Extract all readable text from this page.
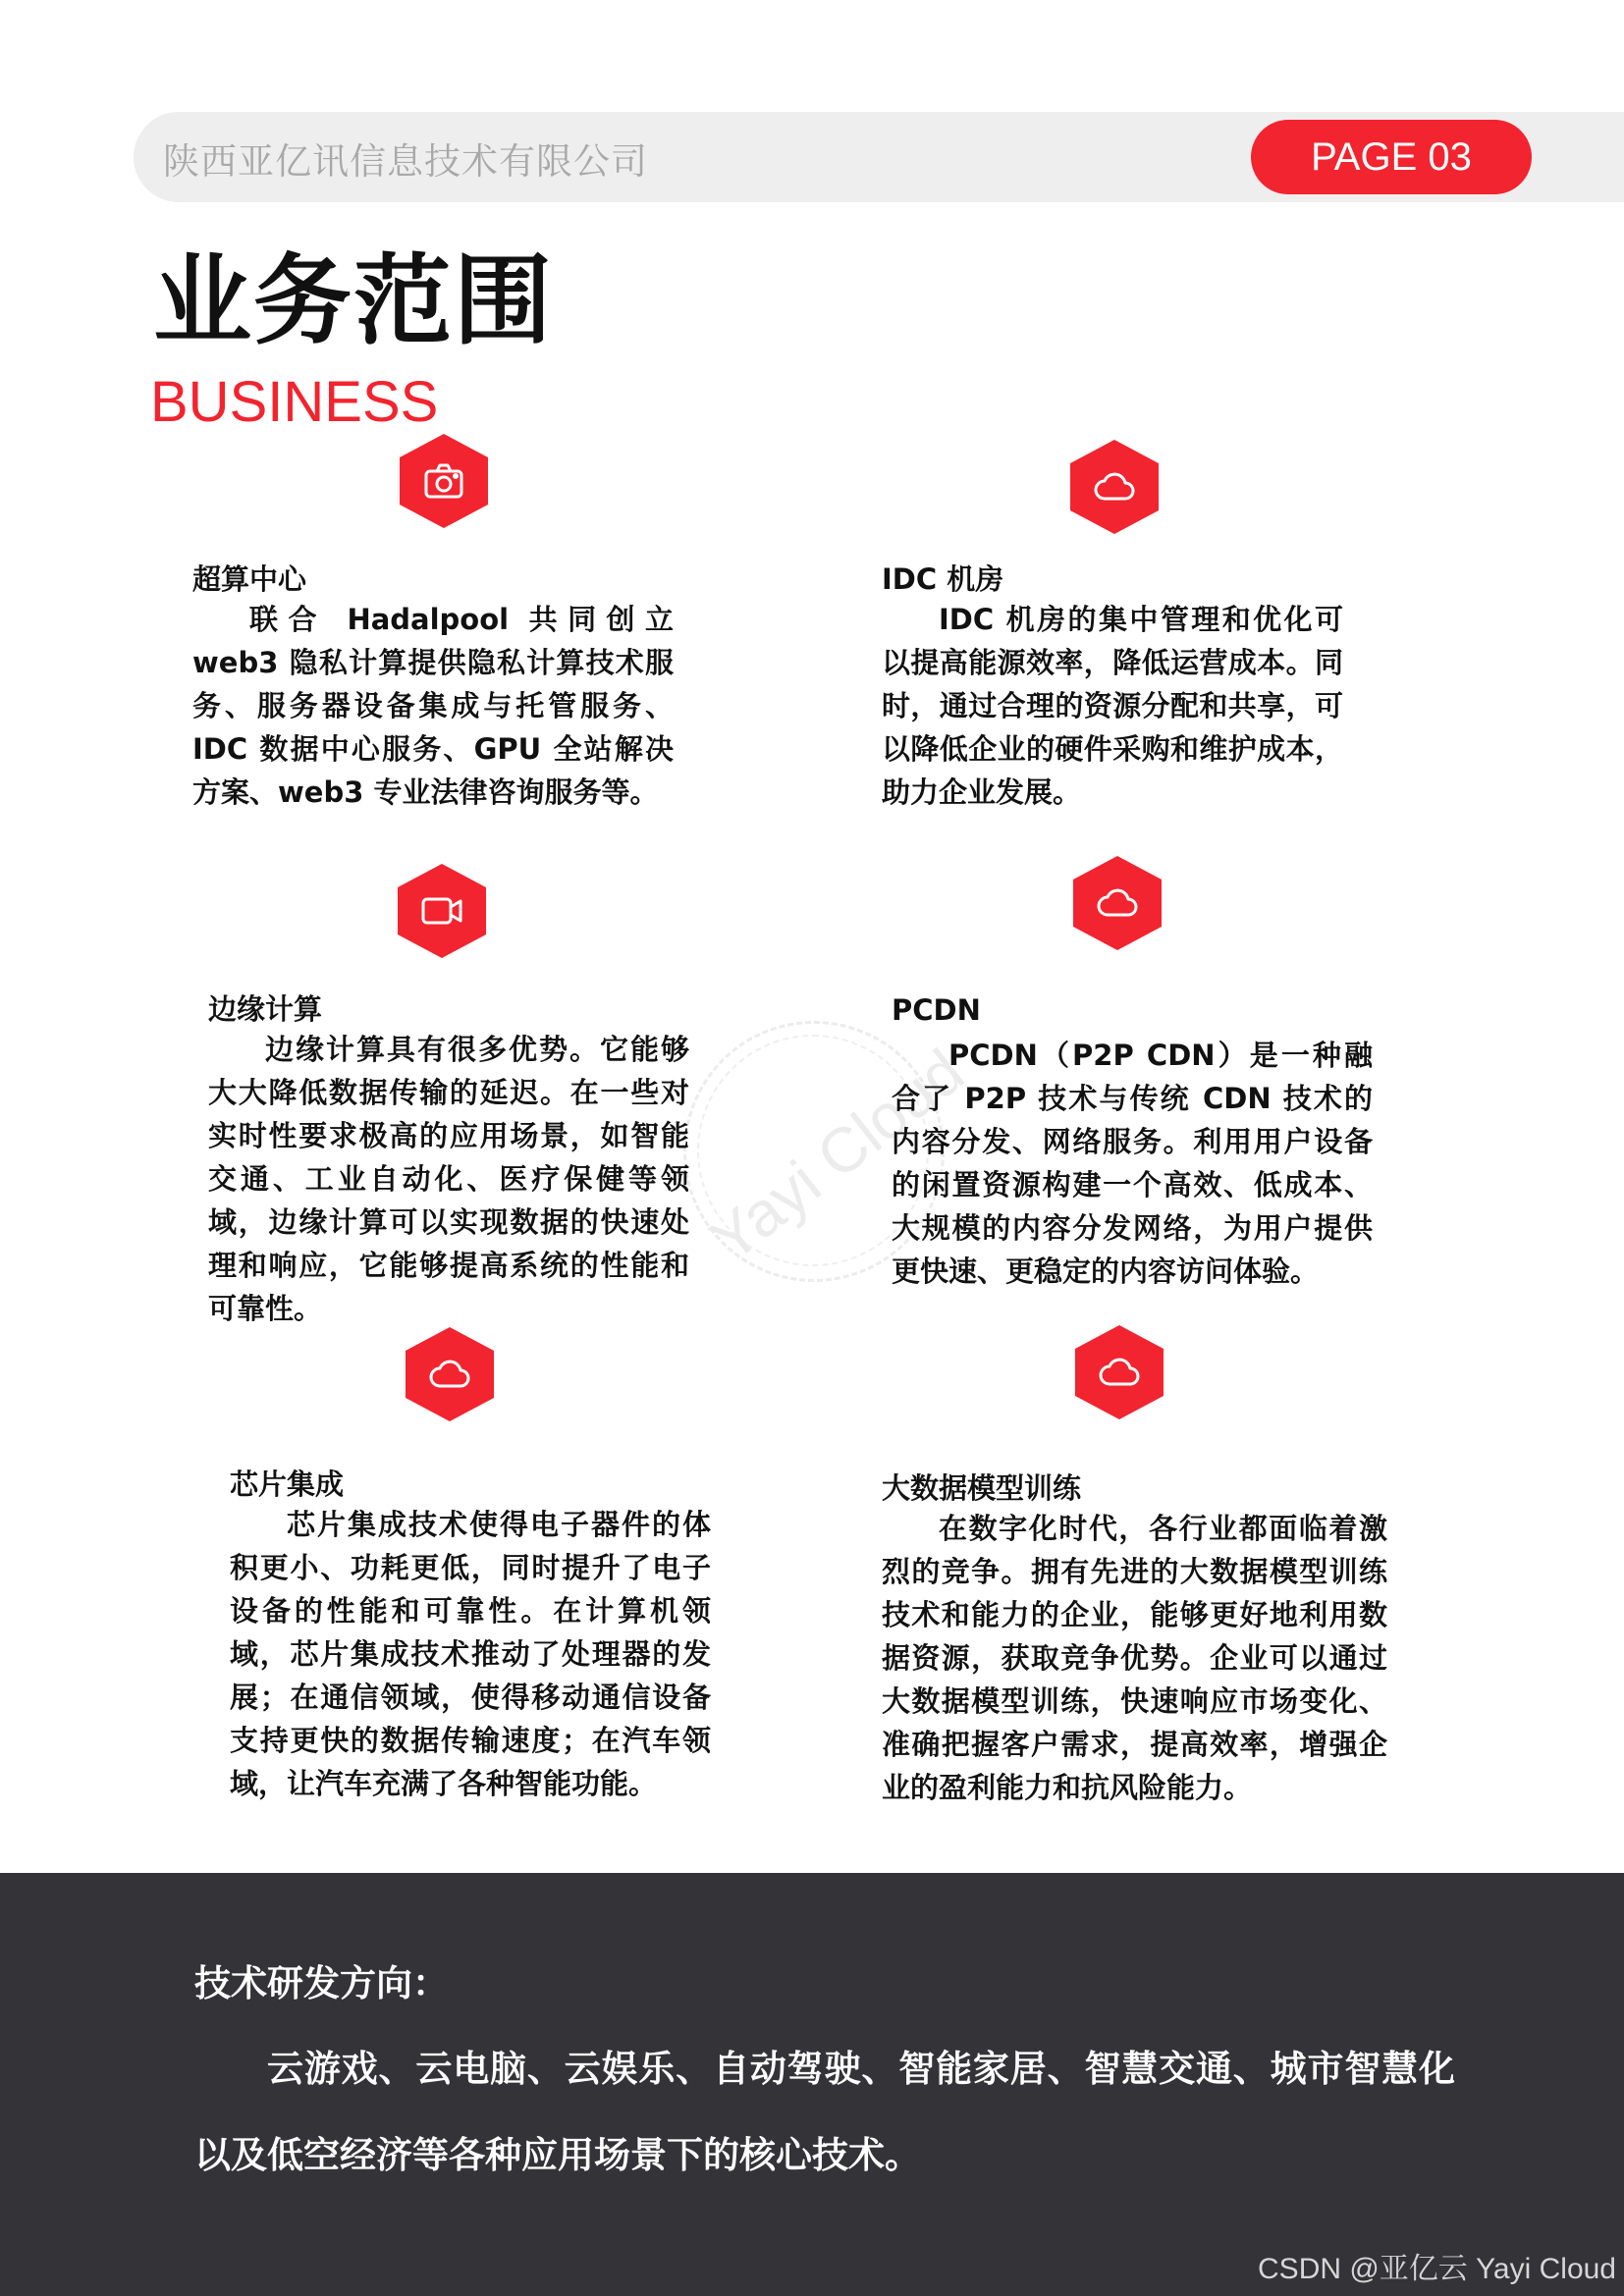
陕西亚亿讯信息技术有限公司	PAGE 03
业务范围
BUSINESS
Yayi Cloud
超算中心
联合 Hadalpool 共同创立 web3 隐私计算提供隐私计算技术服务、服务器设备集成与托管服务、IDC 数据中心服务、GPU 全站解决方案、web3 专业法律咨询服务等。
IDC 机房
IDC 机房的集中管理和优化可以提高能源效率，降低运营成本。同时，通过合理的资源分配和共享，可以降低企业的硬件采购和维护成本，助力企业发展。
边缘计算
边缘计算具有很多优势。它能够大大降低数据传输的延迟。在一些对实时性要求极高的应用场景，如智能交通、工业自动化、医疗保健等领域，边缘计算可以实现数据的快速处理和响应，它能够提高系统的性能和可靠性。
PCDN
PCDN（P2P CDN）是一种融合了 P2P 技术与传统 CDN 技术的内容分发、网络服务。利用用户设备的闲置资源构建一个高效、低成本、大规模的内容分发网络，为用户提供更快速、更稳定的内容访问体验。
芯片集成
芯片集成技术使得电子器件的体积更小、功耗更低，同时提升了电子设备的性能和可靠性。在计算机领域，芯片集成技术推动了处理器的发展；在通信领域，使得移动通信设备支持更快的数据传输速度；在汽车领域，让汽车充满了各种智能功能。
大数据模型训练
在数字化时代，各行业都面临着激烈的竞争。拥有先进的大数据模型训练技术和能力的企业，能够更好地利用数据资源，获取竞争优势。企业可以通过大数据模型训练，快速响应市场变化、准确把握客户需求，提高效率，增强企业的盈利能力和抗风险能力。
技术研发方向：
云游戏、云电脑、云娱乐、自动驾驶、智能家居、智慧交通、城市智慧化以及低空经济等各种应用场景下的核心技术。
CSDN @亚亿云 Yayi Cloud
